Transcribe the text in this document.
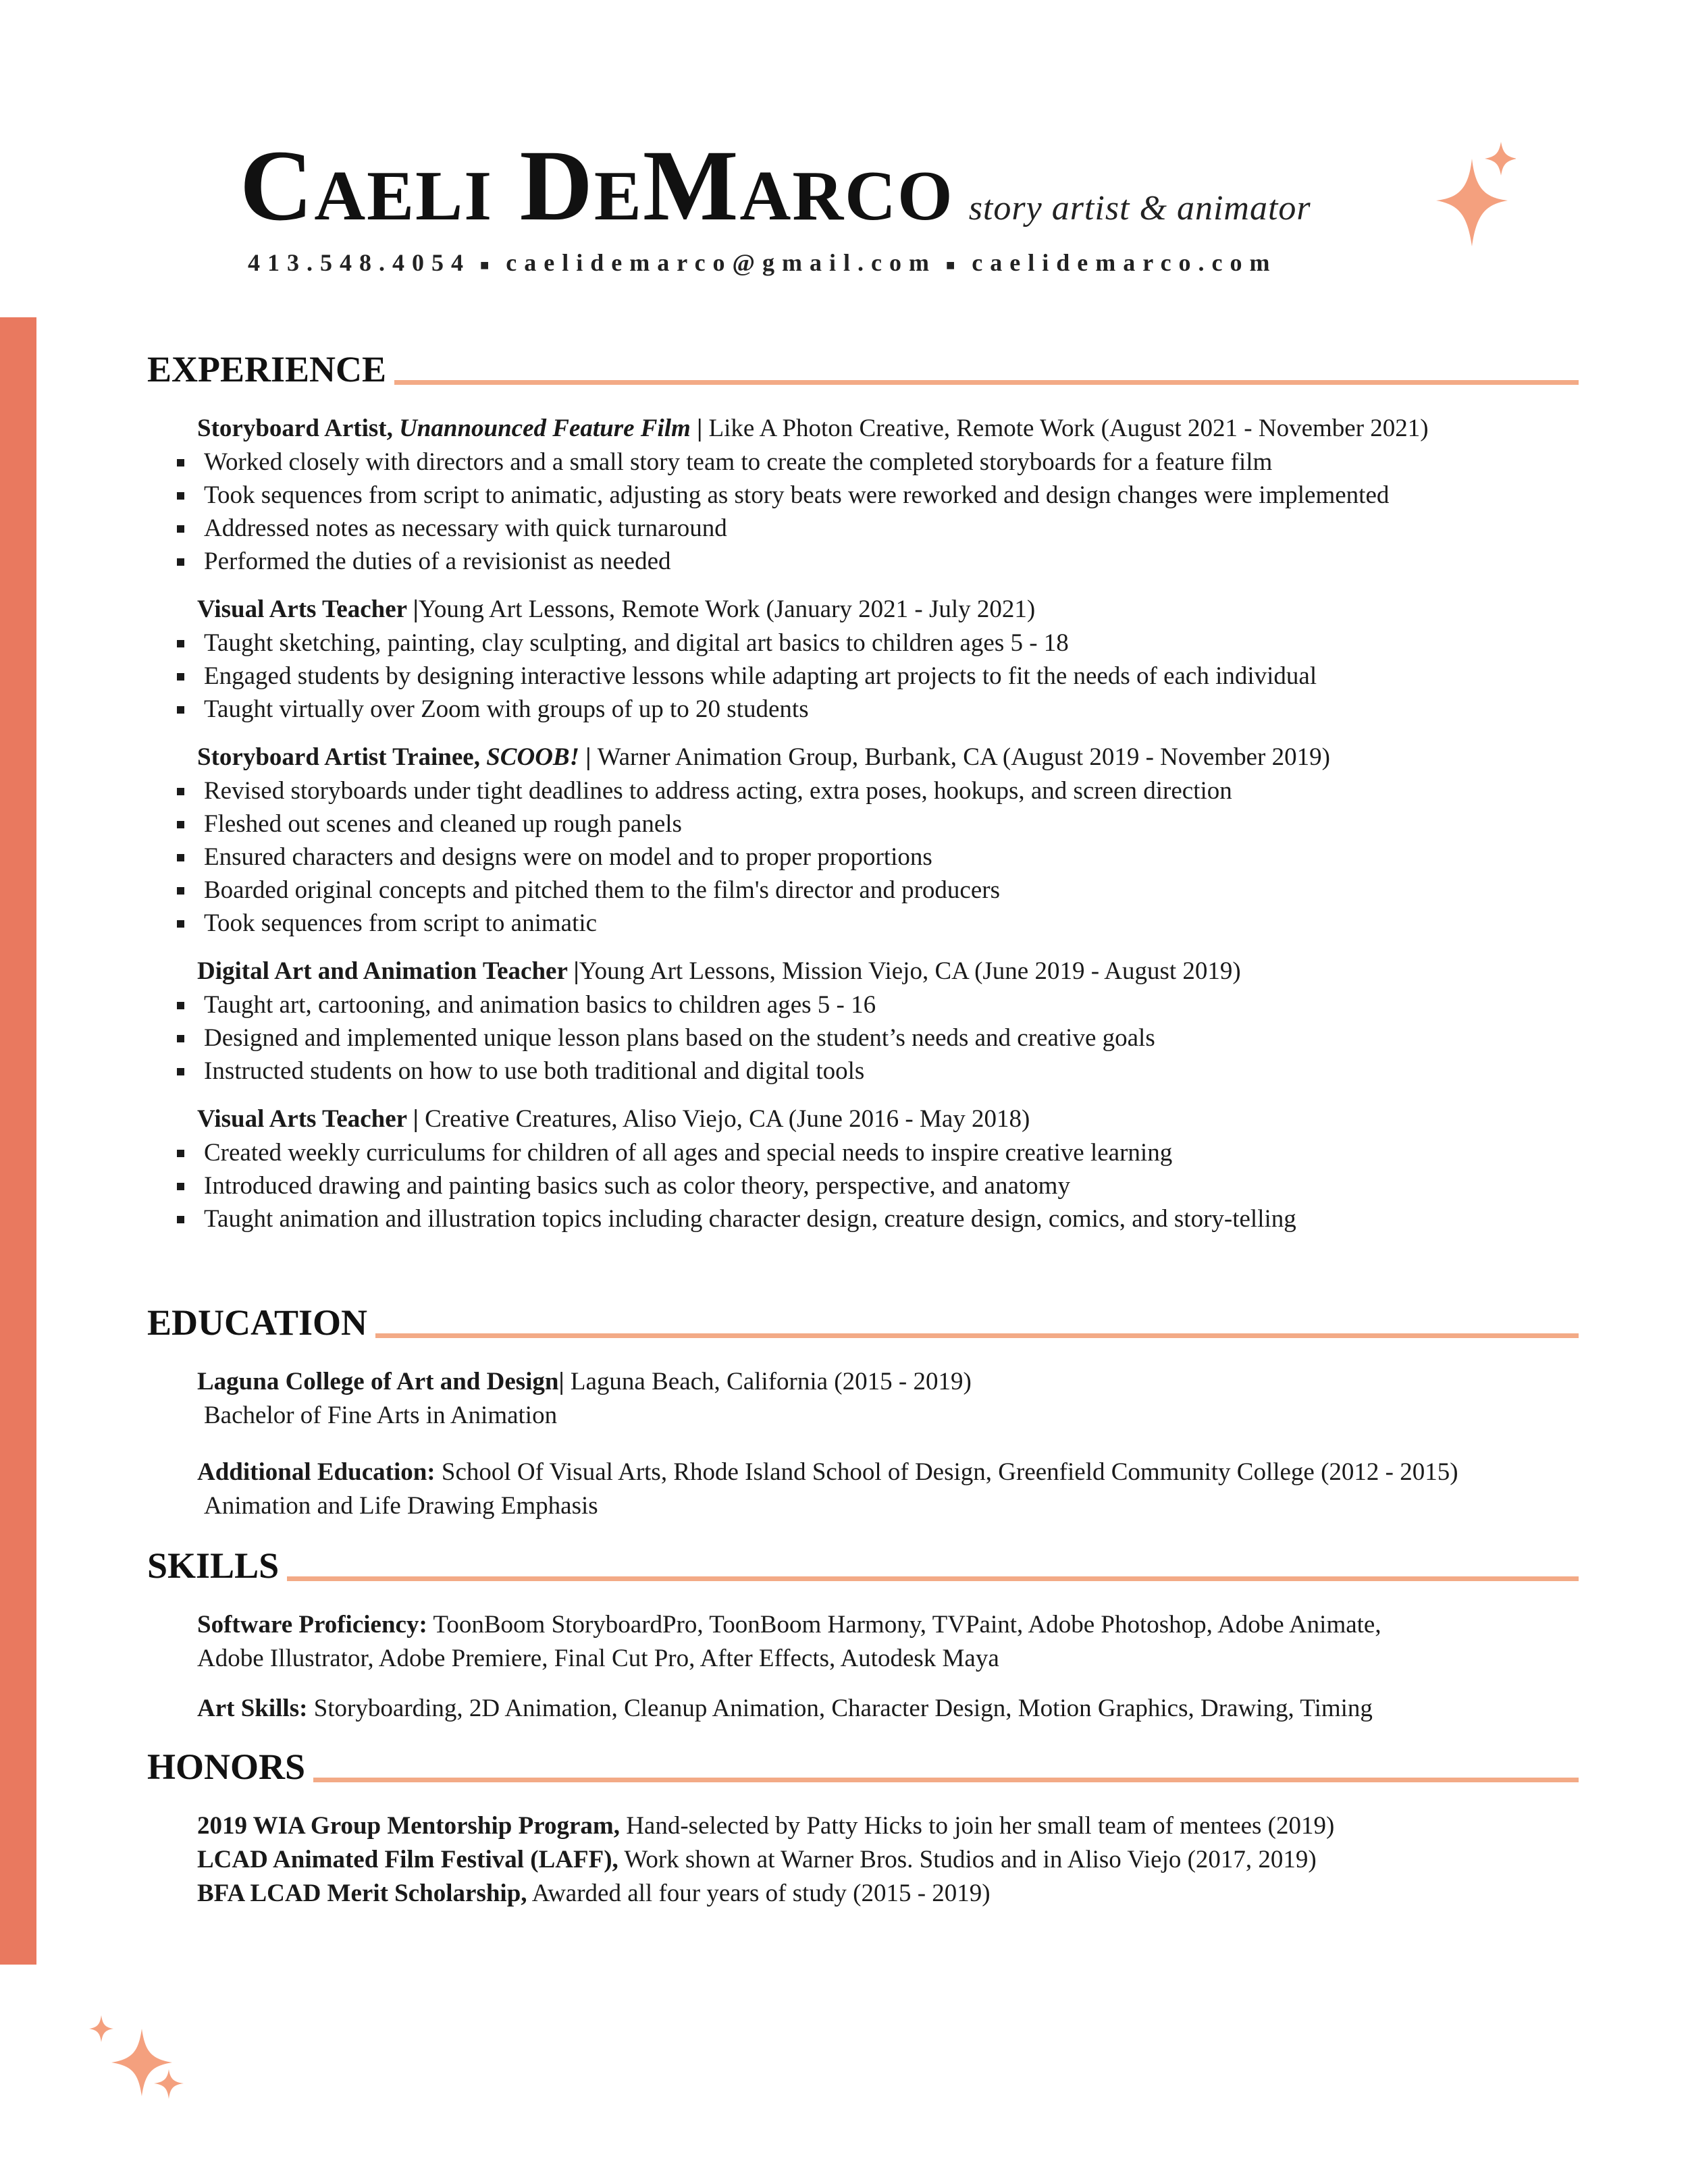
Caeli DeMarco story artist & animator
413.548.4054 ■ caelidemarco@gmail.com ■ caelidemarco.com
EXPERIENCE
Storyboard Artist, Unannounced Feature Film | Like A Photon Creative, Remote Work (August 2021 - November 2021)
Worked closely with directors and a small story team to create the completed storyboards for a feature film
Took sequences from script to animatic, adjusting as story beats were reworked and design changes were implemented
Addressed notes as necessary with quick turnaround
Performed the duties of a revisionist as needed
Visual Arts Teacher |Young Art Lessons, Remote Work (January 2021 - July 2021)
Taught sketching, painting, clay sculpting, and digital art basics to children ages 5 - 18
Engaged students by designing interactive lessons while adapting art projects to fit the needs of each individual
Taught virtually over Zoom with groups of up to 20 students
Storyboard Artist Trainee, SCOOB! | Warner Animation Group, Burbank, CA (August 2019 - November 2019)
Revised storyboards under tight deadlines to address acting, extra poses, hookups, and screen direction
Fleshed out scenes and cleaned up rough panels
Ensured characters and designs were on model and to proper proportions
Boarded original concepts and pitched them to the film's director and producers
Took sequences from script to animatic
Digital Art and Animation Teacher |Young Art Lessons, Mission Viejo, CA (June 2019 - August 2019)
Taught art, cartooning, and animation basics to children ages 5 - 16
Designed and implemented unique lesson plans based on the student’s needs and creative goals
Instructed students on how to use both traditional and digital tools
Visual Arts Teacher | Creative Creatures, Aliso Viejo, CA (June 2016 - May 2018)
Created weekly curriculums for children of all ages and special needs to inspire creative learning
Introduced drawing and painting basics such as color theory, perspective, and anatomy
Taught animation and illustration topics including character design, creature design, comics, and story-telling
EDUCATION
Laguna College of Art and Design| Laguna Beach, California (2015 - 2019)
Bachelor of Fine Arts in Animation
Additional Education: School Of Visual Arts, Rhode Island School of Design, Greenfield Community College (2012 - 2015)
Animation and Life Drawing Emphasis
SKILLS
Software Proficiency: ToonBoom StoryboardPro, ToonBoom Harmony, TVPaint, Adobe Photoshop, Adobe Animate,
Adobe Illustrator, Adobe Premiere, Final Cut Pro, After Effects, Autodesk Maya
Art Skills: Storyboarding, 2D Animation, Cleanup Animation, Character Design, Motion Graphics, Drawing, Timing
HONORS
2019 WIA Group Mentorship Program, Hand-selected by Patty Hicks to join her small team of mentees (2019)
LCAD Animated Film Festival (LAFF), Work shown at Warner Bros. Studios and in Aliso Viejo (2017, 2019)
BFA LCAD Merit Scholarship, Awarded all four years of study (2015 - 2019)
